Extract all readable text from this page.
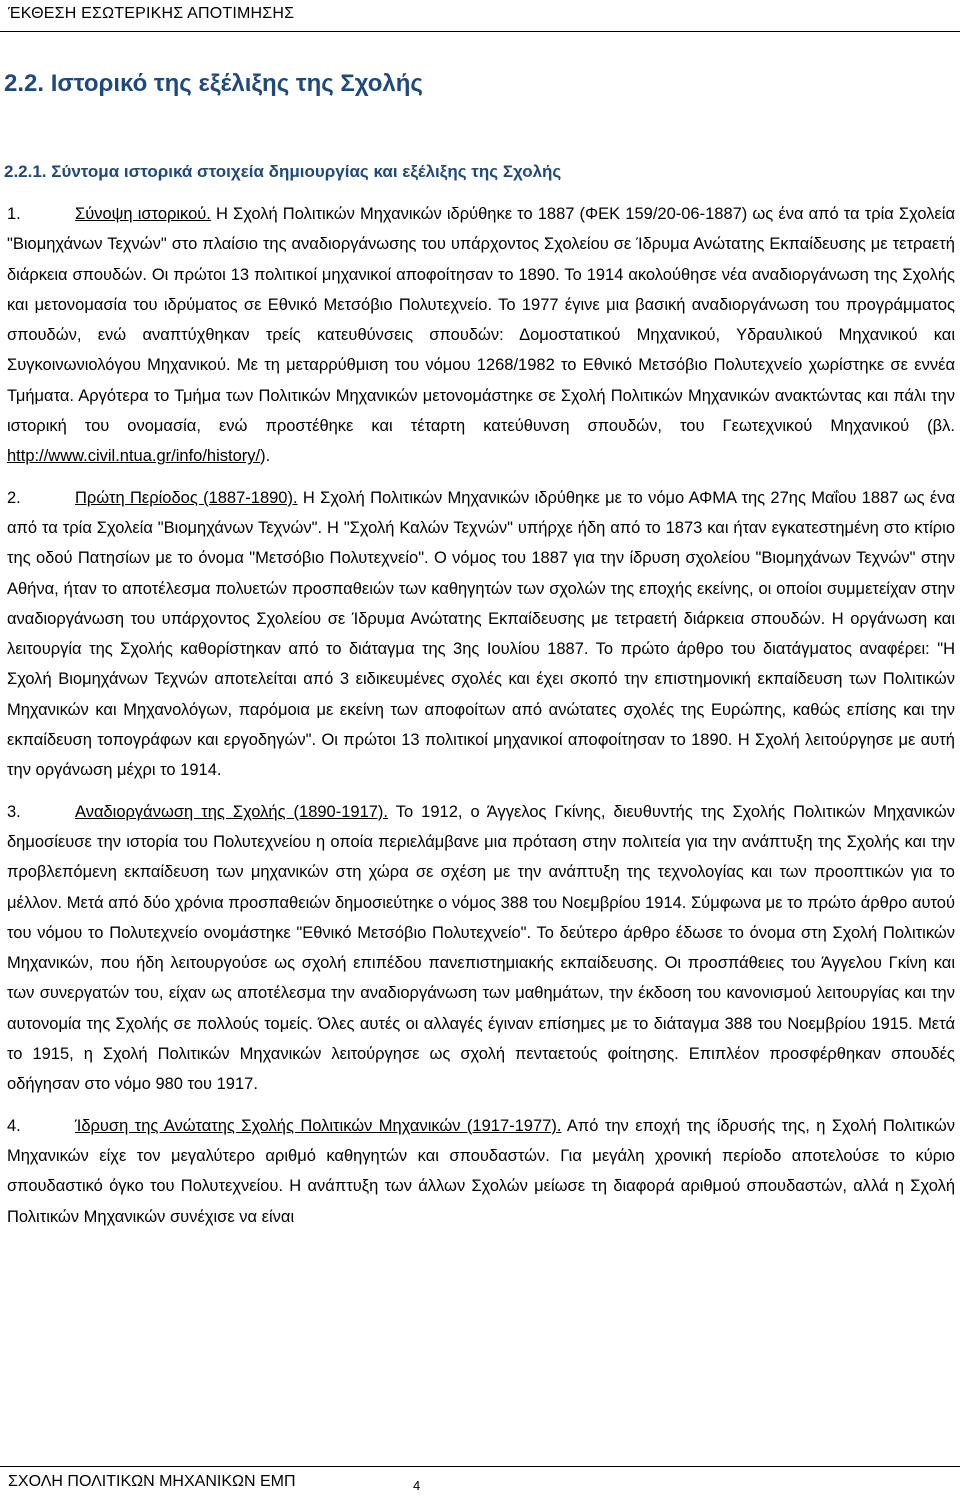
ΈΚΘΕΣΗ ΕΣΩΤΕΡΙΚΗΣ ΑΠΟΤΙΜΗΣΗΣ
2.2. Ιστορικό της εξέλιξης της Σχολής
2.2.1. Σύντομα ιστορικά στοιχεία δημιουργίας και εξέλιξης της Σχολής

1.	Σύνοψη ιστορικού. Η Σχολή Πολιτικών Μηχανικών ιδρύθηκε το 1887 (ΦΕΚ 159/20-06-1887) ως ένα από τα τρία Σχολεία "Βιομηχάνων Τεχνών" στο πλαίσιο της αναδιοργάνωσης του υπάρχοντος Σχολείου σε Ίδρυμα Ανώτατης Εκπαίδευσης με τετραετή διάρκεια σπουδών. Οι πρώτοι 13 πολιτικοί μηχανικοί αποφοίτησαν το 1890. Το 1914 ακολούθησε νέα αναδιοργάνωση της Σχολής και μετονομασία του ιδρύματος σε Εθνικό Μετσόβιο Πολυτεχνείο. Το 1977 έγινε μια βασική αναδιοργάνωση του προγράμματος σπουδών, ενώ αναπτύχθηκαν τρείς κατευθύνσεις σπουδών: Δομοστατικού Μηχανικού, Υδραυλικού Μηχανικού και Συγκοινωνιολόγου Μηχανικού. Με τη μεταρρύθμιση του νόμου 1268/1982 το Εθνικό Μετσόβιο Πολυτεχνείο χωρίστηκε σε εννέα Τμήματα. Αργότερα το Τμήμα των Πολιτικών Μηχανικών μετονομάστηκε σε Σχολή Πολιτικών Μηχανικών ανακτώντας και πάλι την ιστορική του ονομασία, ενώ προστέθηκε και τέταρτη κατεύθυνση σπουδών, του Γεωτεχνικού Μηχανικού (βλ. http://www.civil.ntua.gr/info/history/).

2.	Πρώτη Περίοδος (1887-1890). Η Σχολή Πολιτικών Μηχανικών ιδρύθηκε με το νόμο ΑΦΜΑ της 27ης Μαΐου 1887 ως ένα από τα τρία Σχολεία "Βιομηχάνων Τεχνών". Η "Σχολή Καλών Τεχνών" υπήρχε ήδη από το 1873 και ήταν εγκατεστημένη στο κτίριο της οδού Πατησίων με το όνομα "Μετσόβιο Πολυτεχνείο". Ο νόμος του 1887 για την ίδρυση σχολείου "Βιομηχάνων Τεχνών" στην Αθήνα, ήταν το αποτέλεσμα πολυετών προσπαθειών των καθηγητών των σχολών της εποχής εκείνης, οι οποίοι συμμετείχαν στην αναδιοργάνωση του υπάρχοντος Σχολείου σε Ίδρυμα Ανώτατης Εκπαίδευσης με τετραετή διάρκεια σπουδών. Η οργάνωση και λειτουργία της Σχολής καθορίστηκαν από το διάταγμα της 3ης Ιουλίου 1887. Το πρώτο άρθρο του διατάγματος αναφέρει: "Η Σχολή Βιομηχάνων Τεχνών αποτελείται από 3 ειδικευμένες σχολές και έχει σκοπό την επιστημονική εκπαίδευση των Πολιτικών Μηχανικών και Μηχανολόγων, παρόμοια με εκείνη των αποφοίτων από ανώτατες σχολές της Ευρώπης, καθώς επίσης και την εκπαίδευση τοπογράφων και εργοδηγών". Οι πρώτοι 13 πολιτικοί μηχανικοί αποφοίτησαν το 1890. Η Σχολή λειτούργησε με αυτή την οργάνωση μέχρι το 1914.

3.	Αναδιοργάνωση της Σχολής (1890-1917). Το 1912, ο Άγγελος Γκίνης, διευθυντής της Σχολής Πολιτικών Μηχανικών δημοσίευσε την ιστορία του Πολυτεχνείου η οποία περιελάμβανε μια πρόταση στην πολιτεία για την ανάπτυξη της Σχολής και την προβλεπόμενη εκπαίδευση των μηχανικών στη χώρα σε σχέση με την ανάπτυξη της τεχνολογίας και των προοπτικών για το μέλλον. Μετά από δύο χρόνια προσπαθειών δημοσιεύτηκε ο νόμος 388 του Νοεμβρίου 1914. Σύμφωνα με το πρώτο άρθρο αυτού του νόμου το Πολυτεχνείο ονομάστηκε "Εθνικό Μετσόβιο Πολυτεχνείο". Το δεύτερο άρθρο έδωσε το όνομα στη Σχολή Πολιτικών Μηχανικών, που ήδη λειτουργούσε ως σχολή επιπέδου πανεπιστημιακής εκπαίδευσης. Οι προσπάθειες του Άγγελου Γκίνη και των συνεργατών του, είχαν ως αποτέλεσμα την αναδιοργάνωση των μαθημάτων, την έκδοση του κανονισμού λειτουργίας και την αυτονομία της Σχολής σε πολλούς τομείς. Όλες αυτές οι αλλαγές έγιναν επίσημες με το διάταγμα 388 του Νοεμβρίου 1915. Μετά το 1915, η Σχολή Πολιτικών Μηχανικών λειτούργησε ως σχολή πενταετούς φοίτησης. Επιπλέον προσφέρθηκαν σπουδές οδήγησαν στο νόμο 980 του 1917.

4.	Ίδρυση της Ανώτατης Σχολής Πολιτικών Μηχανικών (1917-1977). Από την εποχή της ίδρυσής της, η Σχολή Πολιτικών Μηχανικών είχε τον μεγαλύτερο αριθμό καθηγητών και σπουδαστών. Για μεγάλη χρονική περίοδο αποτελούσε το κύριο σπουδαστικό όγκο του Πολυτεχνείου. Η ανάπτυξη των άλλων Σχολών μείωσε τη διαφορά αριθμού σπουδαστών, αλλά η Σχολή Πολιτικών Μηχανικών συνέχισε να είναι

ΣΧΟΛΗ ΠΟΛΙΤΙΚΩΝ ΜΗΧΑΝΙΚΩΝ ΕΜΠ	4
